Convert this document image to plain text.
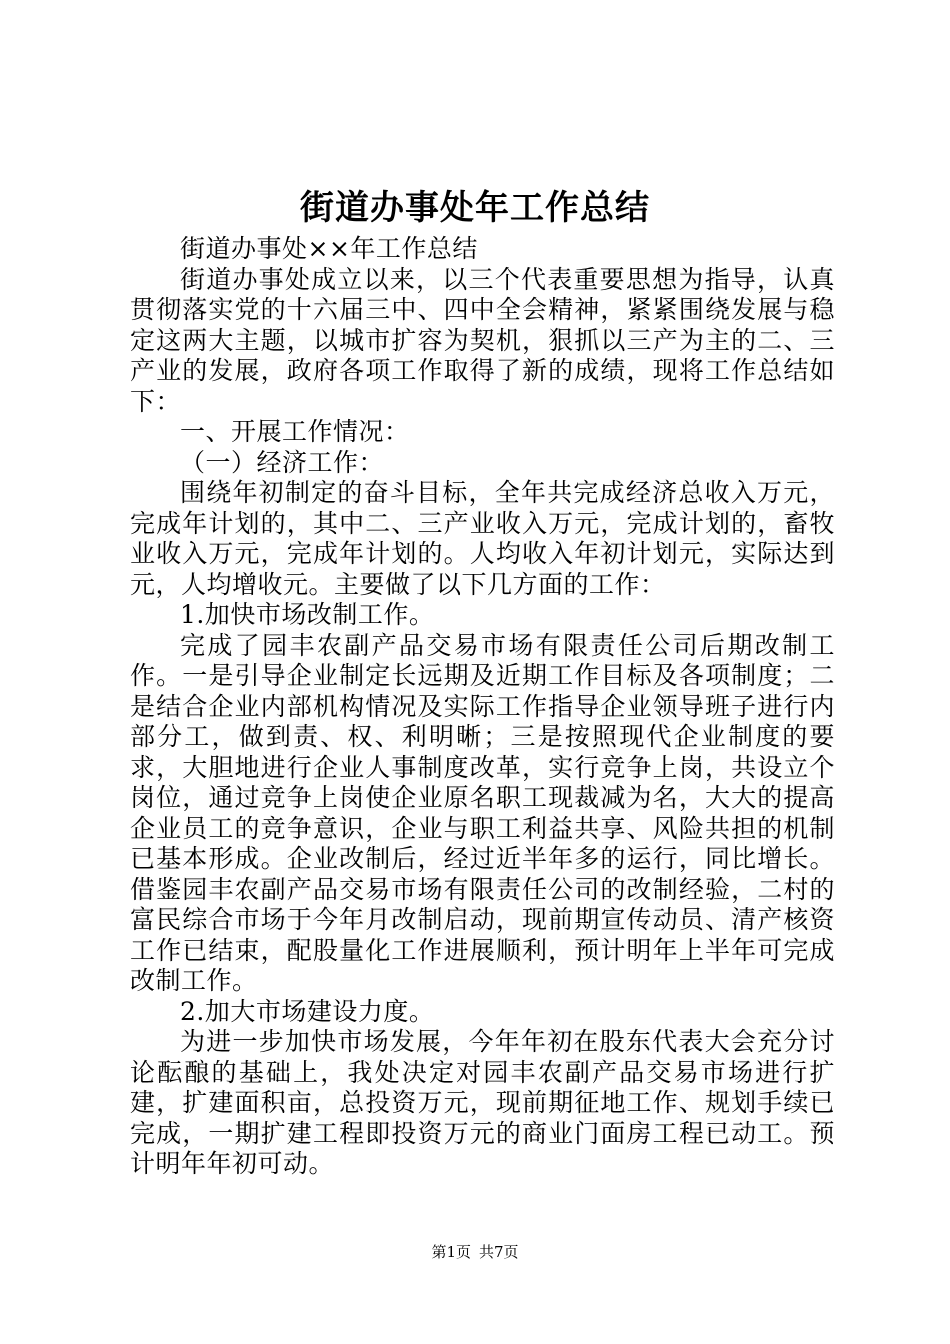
街道办事处年工作总结

街道办事处××年工作总结

街道办事处成立以来，以三个代表重要思想为指导，认真贯彻落实党的十六届三中、四中全会精神，紧紧围绕发展与稳定这两大主题，以城市扩容为契机，狠抓以三产为主的二、三产业的发展，政府各项工作取得了新的成绩，现将工作总结如下：

一、开展工作情况：

（一）经济工作：

围绕年初制定的奋斗目标，全年共完成经济总收入万元，完成年计划的，其中二、三产业收入万元，完成计划的，畜牧业收入万元，完成年计划的。人均收入年初计划元，实际达到元，人均增收元。主要做了以下几方面的工作：

1.加快市场改制工作。

完成了园丰农副产品交易市场有限责任公司后期改制工作。一是引导企业制定长远期及近期工作目标及各项制度；二是结合企业内部机构情况及实际工作指导企业领导班子进行内部分工，做到责、权、利明晰；三是按照现代企业制度的要求，大胆地进行企业人事制度改革，实行竞争上岗，共设立个岗位，通过竞争上岗使企业原名职工现裁减为名，大大的提高企业员工的竞争意识，企业与职工利益共享、风险共担的机制已基本形成。企业改制后，经过近半年多的运行，同比增长。借鉴园丰农副产品交易市场有限责任公司的改制经验，二村的富民综合市场于今年月改制启动，现前期宣传动员、清产核资工作已结束，配股量化工作进展顺利，预计明年上半年可完成改制工作。

2.加大市场建设力度。

为进一步加快市场发展，今年年初在股东代表大会充分讨论酝酿的基础上，我处决定对园丰农副产品交易市场进行扩建，扩建面积亩，总投资万元，现前期征地工作、规划手续已完成，一期扩建工程即投资万元的商业门面房工程已动工。预计明年年初可动。

第1页 共7页
